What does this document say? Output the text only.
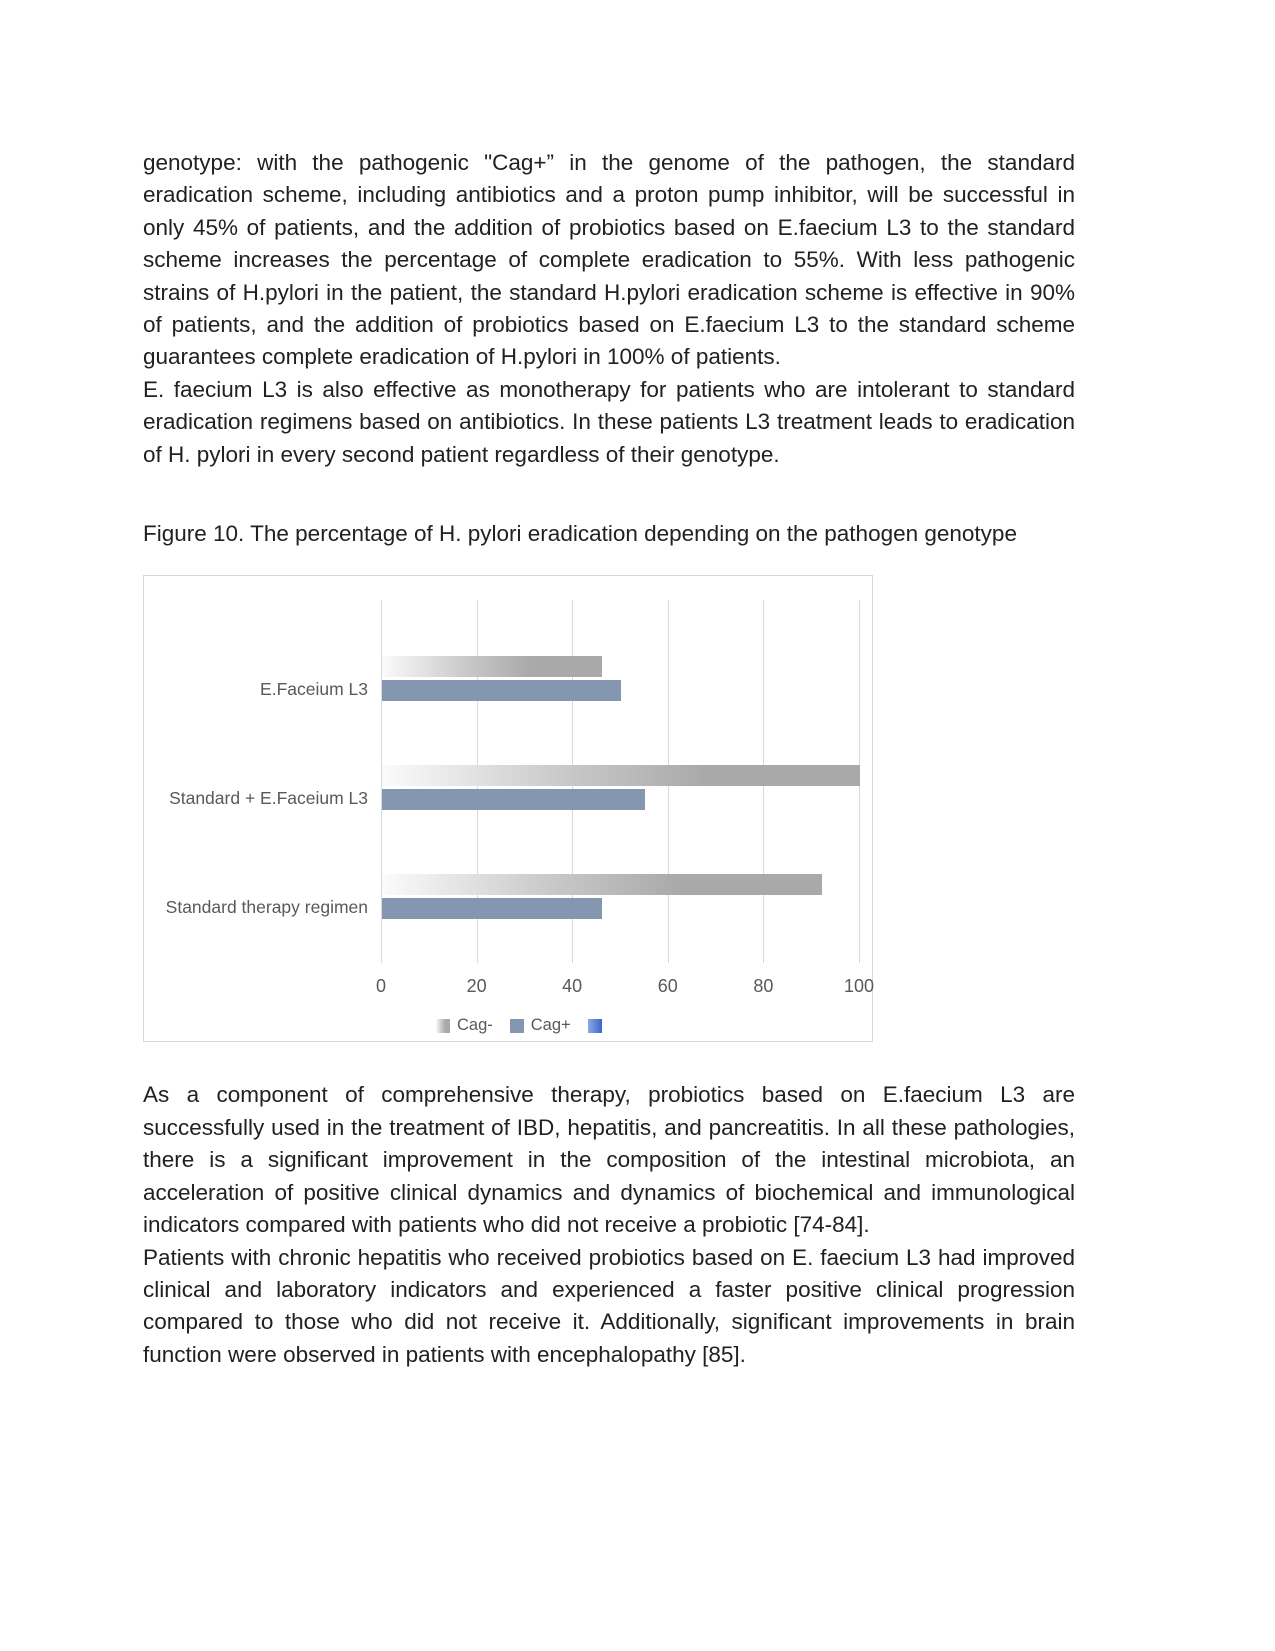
genotype: with the pathogenic "Cag+” in the genome of the pathogen, the standard eradication scheme, including antibiotics and a proton pump inhibitor, will be successful in only 45% of patients, and the addition of probiotics based on E.faecium L3 to the standard scheme increases the percentage of complete eradication to 55%. With less pathogenic strains of H.pylori in the patient, the standard H.pylori eradication scheme is effective in 90% of patients, and the addition of probiotics based on E.faecium L3 to the standard scheme guarantees complete eradication of H.pylori in 100% of patients.

E. faecium L3 is also effective as monotherapy for patients who are intolerant to standard eradication regimens based on antibiotics. In these patients L3 treatment leads to eradication of H. pylori in every second patient regardless of their genotype.

Figure 10. The percentage of H. pylori eradication depending on the pathogen genotype

Cag- Cag+
0	20	40	60	80	100
E.Faceium L3
Standard + E.Faceium L3
Standard therapy regimen

As a component of comprehensive therapy, probiotics based on E.faecium L3 are successfully used in the treatment of IBD, hepatitis, and pancreatitis. In all these pathologies, there is a significant improvement in the composition of the intestinal microbiota, an acceleration of positive clinical dynamics and dynamics of biochemical and immunological indicators compared with patients who did not receive a probiotic [74-84].

Patients with chronic hepatitis who received probiotics based on E. faecium L3 had improved clinical and laboratory indicators and experienced a faster positive clinical progression compared to those who did not receive it. Additionally, significant improvements in brain function were observed in patients with encephalopathy [85].
